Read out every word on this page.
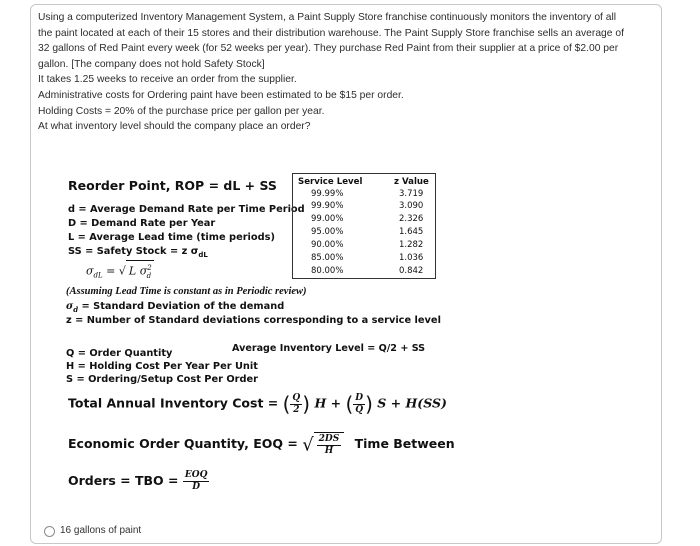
Using a computerized Inventory Management System, a Paint Supply Store franchise continuously monitors the inventory of all

the paint located at each of their 15 stores and their distribution warehouse. The Paint Supply Store franchise sells an average of

32 gallons of Red Paint every week (for 52 weeks per year). They purchase Red Paint from their supplier at a price of $2.00 per

gallon. [The company does not hold Safety Stock]

It takes 1.25 weeks to receive an order from the supplier.

Administrative costs for Ordering paint have been estimated to be $15 per order.

Holding Costs = 20% of the purchase price per gallon per year.

At what inventory level should the company place an order?

Reorder Point, ROP = dL + SS
d = Average Demand Rate per Time Period
D = Demand Rate per Year
L = Average Lead time (time periods)
SS = Safety Stock = z $\sigma_{dL}$
$\sigma_{dL}$ = √ L $\sigma^2_d$
(Assuming Lead Time is constant as in Periodic review)
$\sigma_d$ = Standard Deviation of the demand
z = Number of Standard deviations corresponding to a service level
Q = Order Quantity	Average Inventory Level = Q/2 + SS
H = Holding Cost Per Year Per Unit
S = Ordering/Setup Cost Per Order
Total Annual Inventory Cost = ( $\frac{Q}{2}$ ) H + ( $\frac{D}{Q}$ ) S + H(SS)
Economic Order Quantity, EOQ = √ $\frac{2DS}{H}$ Time Between
Orders = TBO = $\frac{\text{EOQ}}{D}$
Service Level	z Value
99.99%	3.719
99.90%	3.090
99.00%	2.326
95.00%	1.645
90.00%	1.282
85.00%	1.036
80.00%	0.842
16 gallons of paint
